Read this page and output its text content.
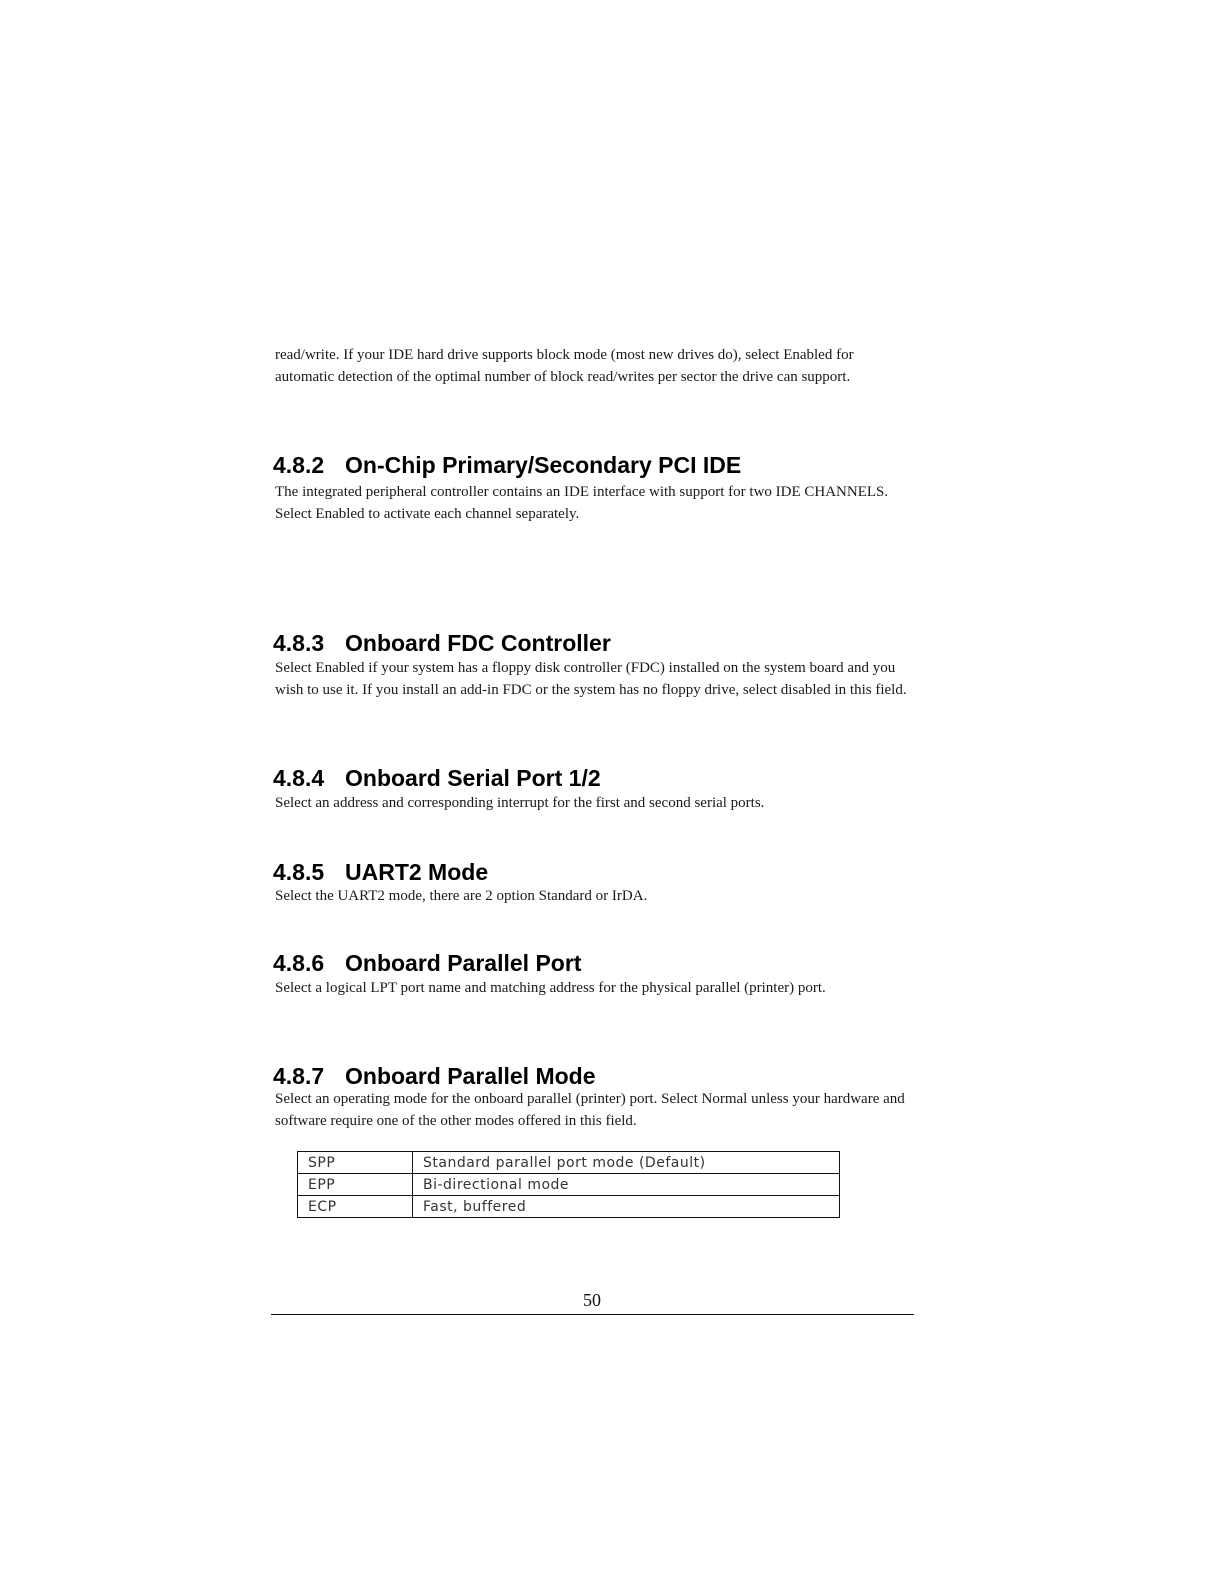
read/write. If your IDE hard drive supports block mode (most new drives do), select Enabled for automatic detection of the optimal number of block read/writes per sector the drive can support.

4.8.2 On-Chip Primary/Secondary PCI IDE

The integrated peripheral controller contains an IDE interface with support for two IDE CHANNELS. Select Enabled to activate each channel separately.

4.8.3 Onboard FDC Controller

Select Enabled if your system has a floppy disk controller (FDC) installed on the system board and you wish to use it. If you install an add-in FDC or the system has no floppy drive, select disabled in this field.

4.8.4 Onboard Serial Port 1/2

Select an address and corresponding interrupt for the first and second serial ports.

4.8.5 UART2 Mode

Select the UART2 mode, there are 2 option Standard or IrDA.

4.8.6 Onboard Parallel Port

Select a logical LPT port name and matching address for the physical parallel (printer) port.

4.8.7 Onboard Parallel Mode

Select an operating mode for the onboard parallel (printer) port. Select Normal unless your hardware and software require one of the other modes offered in this field.

SPP	Standard parallel port mode (Default)
EPP	Bi-directional mode
ECP	Fast, buffered
50
